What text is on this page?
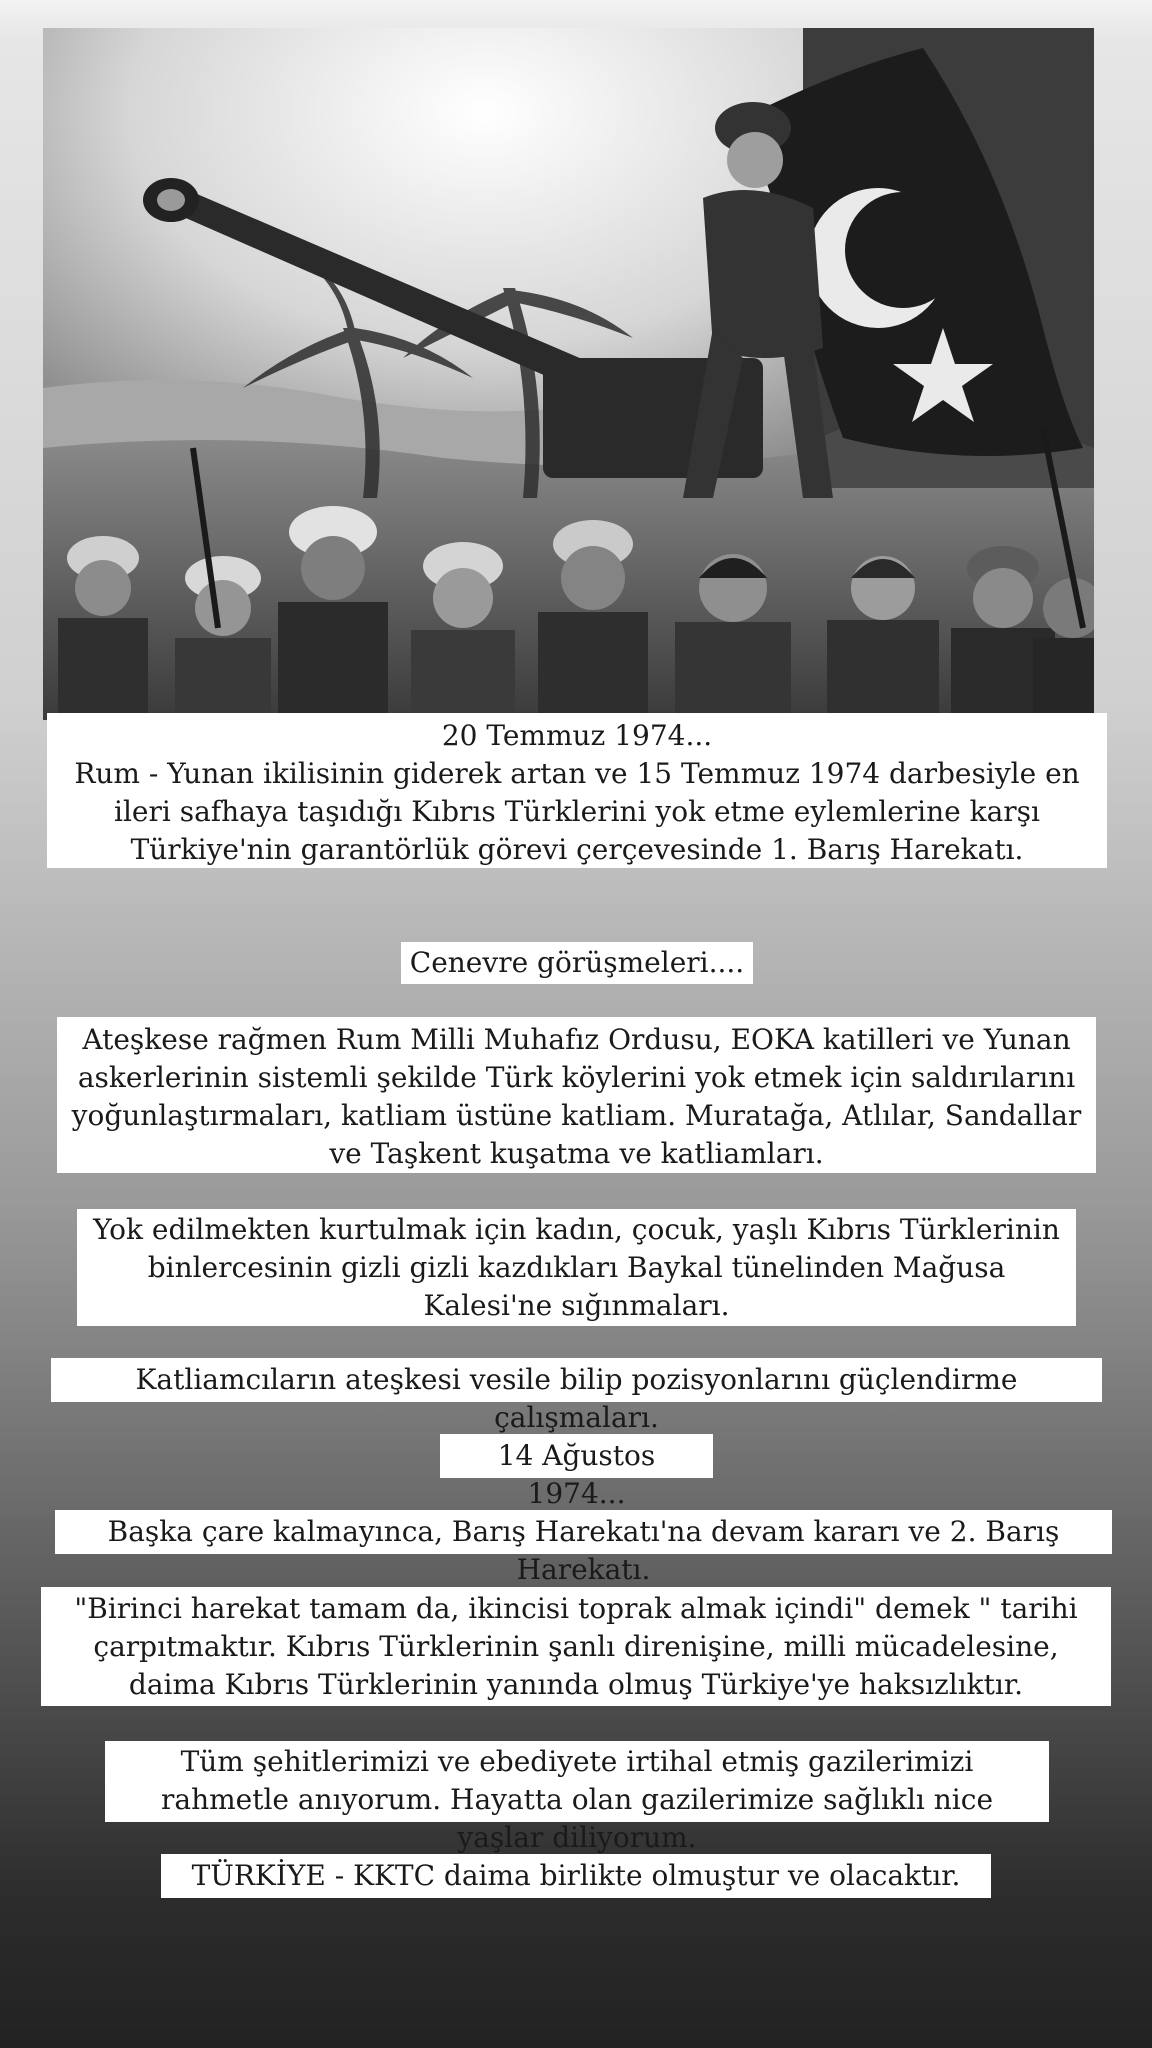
20 Temmuz 1974...
Rum - Yunan ikilisinin giderek artan ve 15 Temmuz 1974 darbesiyle en ileri safhaya taşıdığı Kıbrıs Türklerini yok etme eylemlerine karşı Türkiye'nin garantörlük görevi çerçevesinde 1. Barış Harekatı.
Cenevre görüşmeleri....
Ateşkese rağmen Rum Milli Muhafız Ordusu, EOKA katilleri ve Yunan askerlerinin sistemli şekilde Türk köylerini yok etmek için saldırılarını yoğunlaştırmaları, katliam üstüne katliam. Muratağa, Atlılar, Sandallar ve Taşkent kuşatma ve katliamları.
Yok edilmekten kurtulmak için kadın, çocuk, yaşlı Kıbrıs Türklerinin binlercesinin gizli gizli kazdıkları Baykal tünelinden Mağusa Kalesi'ne sığınmaları.
Katliamcıların ateşkesi vesile bilip pozisyonlarını güçlendirme çalışmaları.
14 Ağustos 1974...
Başka çare kalmayınca, Barış Harekatı'na devam kararı ve 2. Barış Harekatı.
"Birinci harekat tamam da, ikincisi toprak almak içindi" demek " tarihi çarpıtmaktır. Kıbrıs Türklerinin şanlı direnişine, milli mücadelesine, daima Kıbrıs Türklerinin yanında olmuş Türkiye'ye haksızlıktır.
Tüm şehitlerimizi ve ebediyete irtihal etmiş gazilerimizi rahmetle anıyorum. Hayatta olan gazilerimize sağlıklı nice yaşlar diliyorum.
TÜRKİYE - KKTC daima birlikte olmuştur ve olacaktır.
